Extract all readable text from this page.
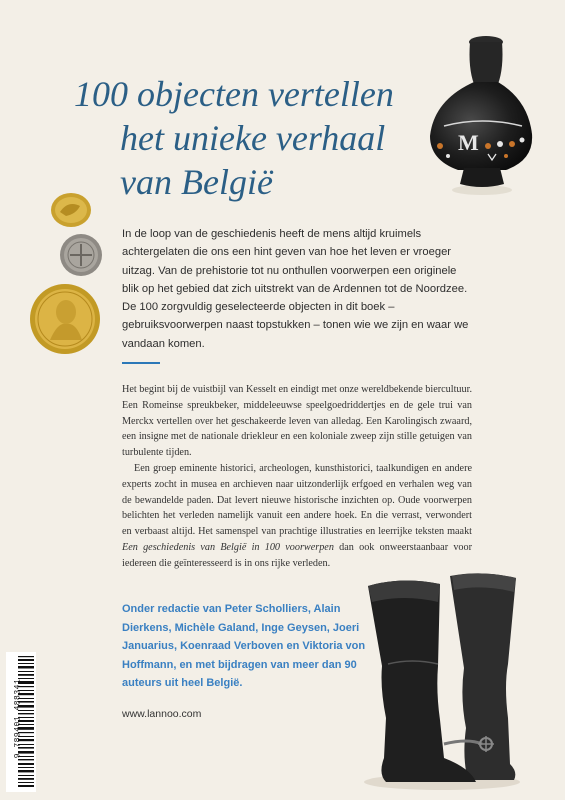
100 objecten vertellen
het unieke verhaal
van België
M
In de loop van de geschiedenis heeft de mens altijd kruimels achtergelaten die ons een hint geven van hoe het leven er vroeger uitzag. Van de prehistorie tot nu onthullen voorwerpen een originele blik op het gebied dat zich uitstrekt van de Ardennen tot de Noordzee. De 100 zorgvuldig geselecteerde objecten in dit boek – gebruiksvoorwerpen naast topstukken – tonen wie we zijn en waar we vandaan komen.

Het begint bij de vuistbijl van Kesselt en eindigt met onze wereldbekende biercultuur. Een Romeinse spreukbeker, middeleeuwse speelgoedriddertjes en de gele trui van Merckx vertellen over het geschakeerde leven van alledag. Een Karolingisch zwaard, een insigne met de nationale driekleur en een koloniale zweep zijn stille getuigen van turbulente tijden.

Een groep eminente historici, archeologen, kunsthistorici, taalkundigen en andere experts zocht in musea en archieven naar uitzonderlijk erfgoed en verhalen weg van de bewandelde paden. Dat levert nieuwe historische inzichten op. Oude voorwerpen belichten het verleden namelijk vanuit een andere hoek. En die verrast, verwondert en verbaast altijd. Het samenspel van prachtige illustraties en leerrijke teksten maakt Een geschiedenis van België in 100 voorwerpen dan ook onweerstaanbaar voor iedereen die geïnteresseerd is in ons rijke verleden.

Onder redactie van Peter Scholliers, Alain Dierkens, Michèle Galand, Inge Geysen, Joeri Januarius, Koenraad Verboven en Viktoria von Hoffmann, en met bijdragen van meer dan 90 auteurs uit heel België.
www.lannoo.com
9 789401 488341
